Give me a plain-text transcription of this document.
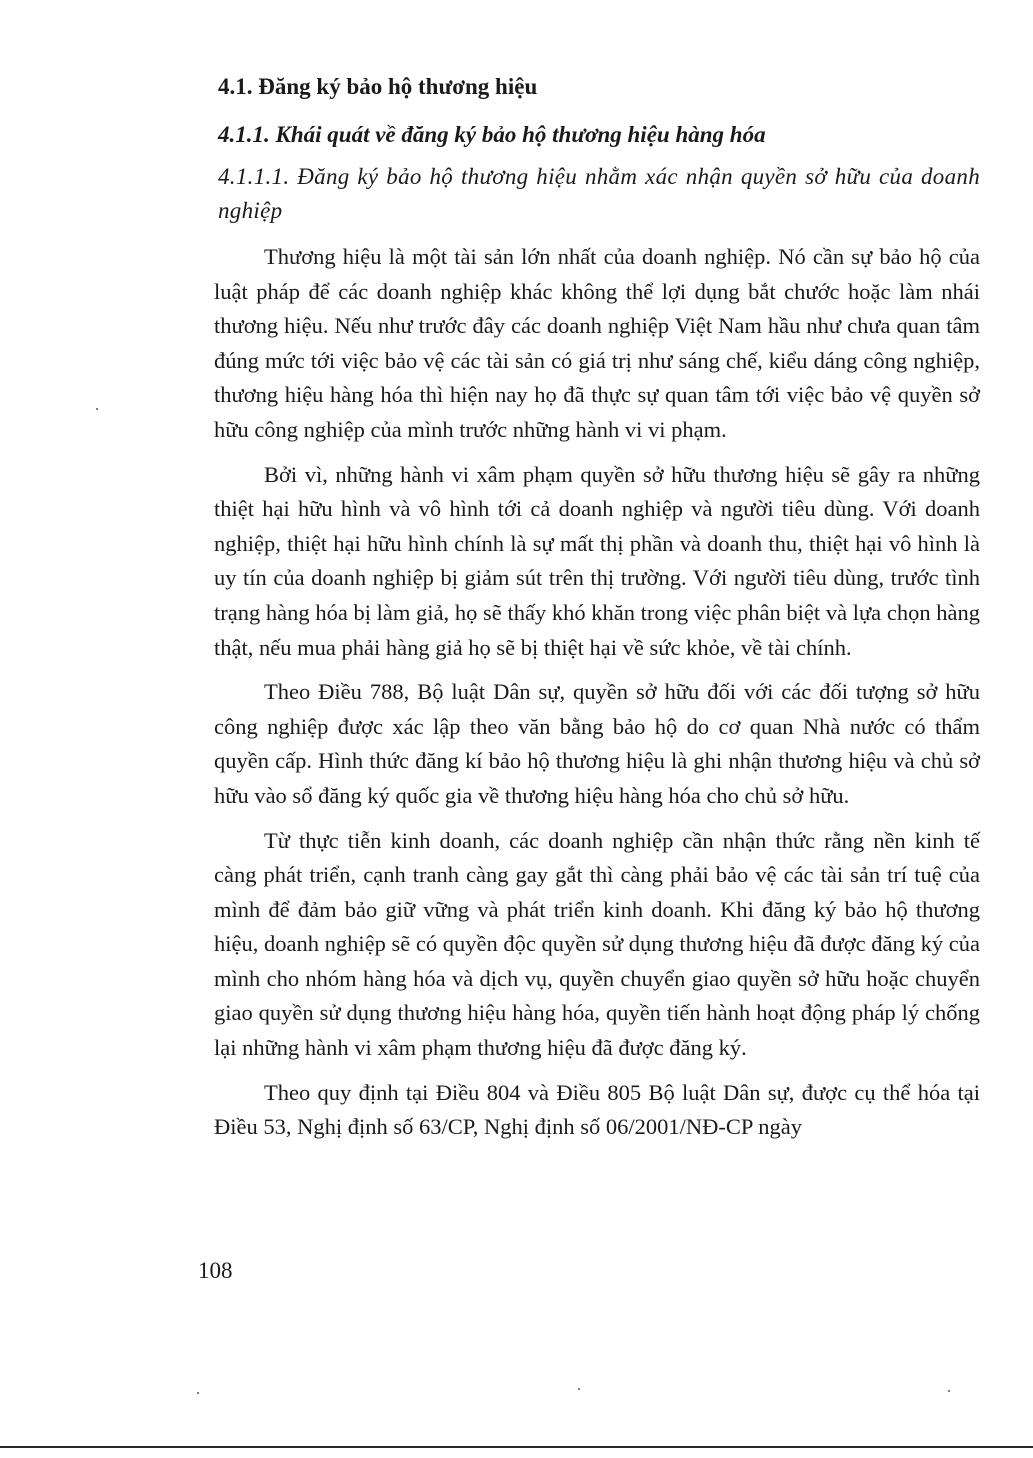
4.1. Đăng ký bảo hộ thương hiệu
4.1.1. Khái quát về đăng ký bảo hộ thương hiệu hàng hóa
4.1.1.1. Đăng ký bảo hộ thương hiệu nhằm xác nhận quyền sở hữu của doanh nghiệp

Thương hiệu là một tài sản lớn nhất của doanh nghiệp. Nó cần sự bảo hộ của luật pháp để các doanh nghiệp khác không thể lợi dụng bắt chước hoặc làm nhái thương hiệu. Nếu như trước đây các doanh nghiệp Việt Nam hầu như chưa quan tâm đúng mức tới việc bảo vệ các tài sản có giá trị như sáng chế, kiểu dáng công nghiệp, thương hiệu hàng hóa thì hiện nay họ đã thực sự quan tâm tới việc bảo vệ quyền sở hữu công nghiệp của mình trước những hành vi vi phạm.

Bởi vì, những hành vi xâm phạm quyền sở hữu thương hiệu sẽ gây ra những thiệt hại hữu hình và vô hình tới cả doanh nghiệp và người tiêu dùng. Với doanh nghiệp, thiệt hại hữu hình chính là sự mất thị phần và doanh thu, thiệt hại vô hình là uy tín của doanh nghiệp bị giảm sút trên thị trường. Với người tiêu dùng, trước tình trạng hàng hóa bị làm giả, họ sẽ thấy khó khăn trong việc phân biệt và lựa chọn hàng thật, nếu mua phải hàng giả họ sẽ bị thiệt hại về sức khỏe, về tài chính.

Theo Điều 788, Bộ luật Dân sự, quyền sở hữu đối với các đối tượng sở hữu công nghiệp được xác lập theo văn bằng bảo hộ do cơ quan Nhà nước có thẩm quyền cấp. Hình thức đăng kí bảo hộ thương hiệu là ghi nhận thương hiệu và chủ sở hữu vào sổ đăng ký quốc gia về thương hiệu hàng hóa cho chủ sở hữu.

Từ thực tiễn kinh doanh, các doanh nghiệp cần nhận thức rằng nền kinh tế càng phát triển, cạnh tranh càng gay gắt thì càng phải bảo vệ các tài sản trí tuệ của mình để đảm bảo giữ vững và phát triển kinh doanh. Khi đăng ký bảo hộ thương hiệu, doanh nghiệp sẽ có quyền độc quyền sử dụng thương hiệu đã được đăng ký của mình cho nhóm hàng hóa và dịch vụ, quyền chuyển giao quyền sở hữu hoặc chuyển giao quyền sử dụng thương hiệu hàng hóa, quyền tiến hành hoạt động pháp lý chống lại những hành vi xâm phạm thương hiệu đã được đăng ký.

Theo quy định tại Điều 804 và Điều 805 Bộ luật Dân sự, được cụ thể hóa tại Điều 53, Nghị định số 63/CP, Nghị định số 06/2001/NĐ-CP ngày

108
